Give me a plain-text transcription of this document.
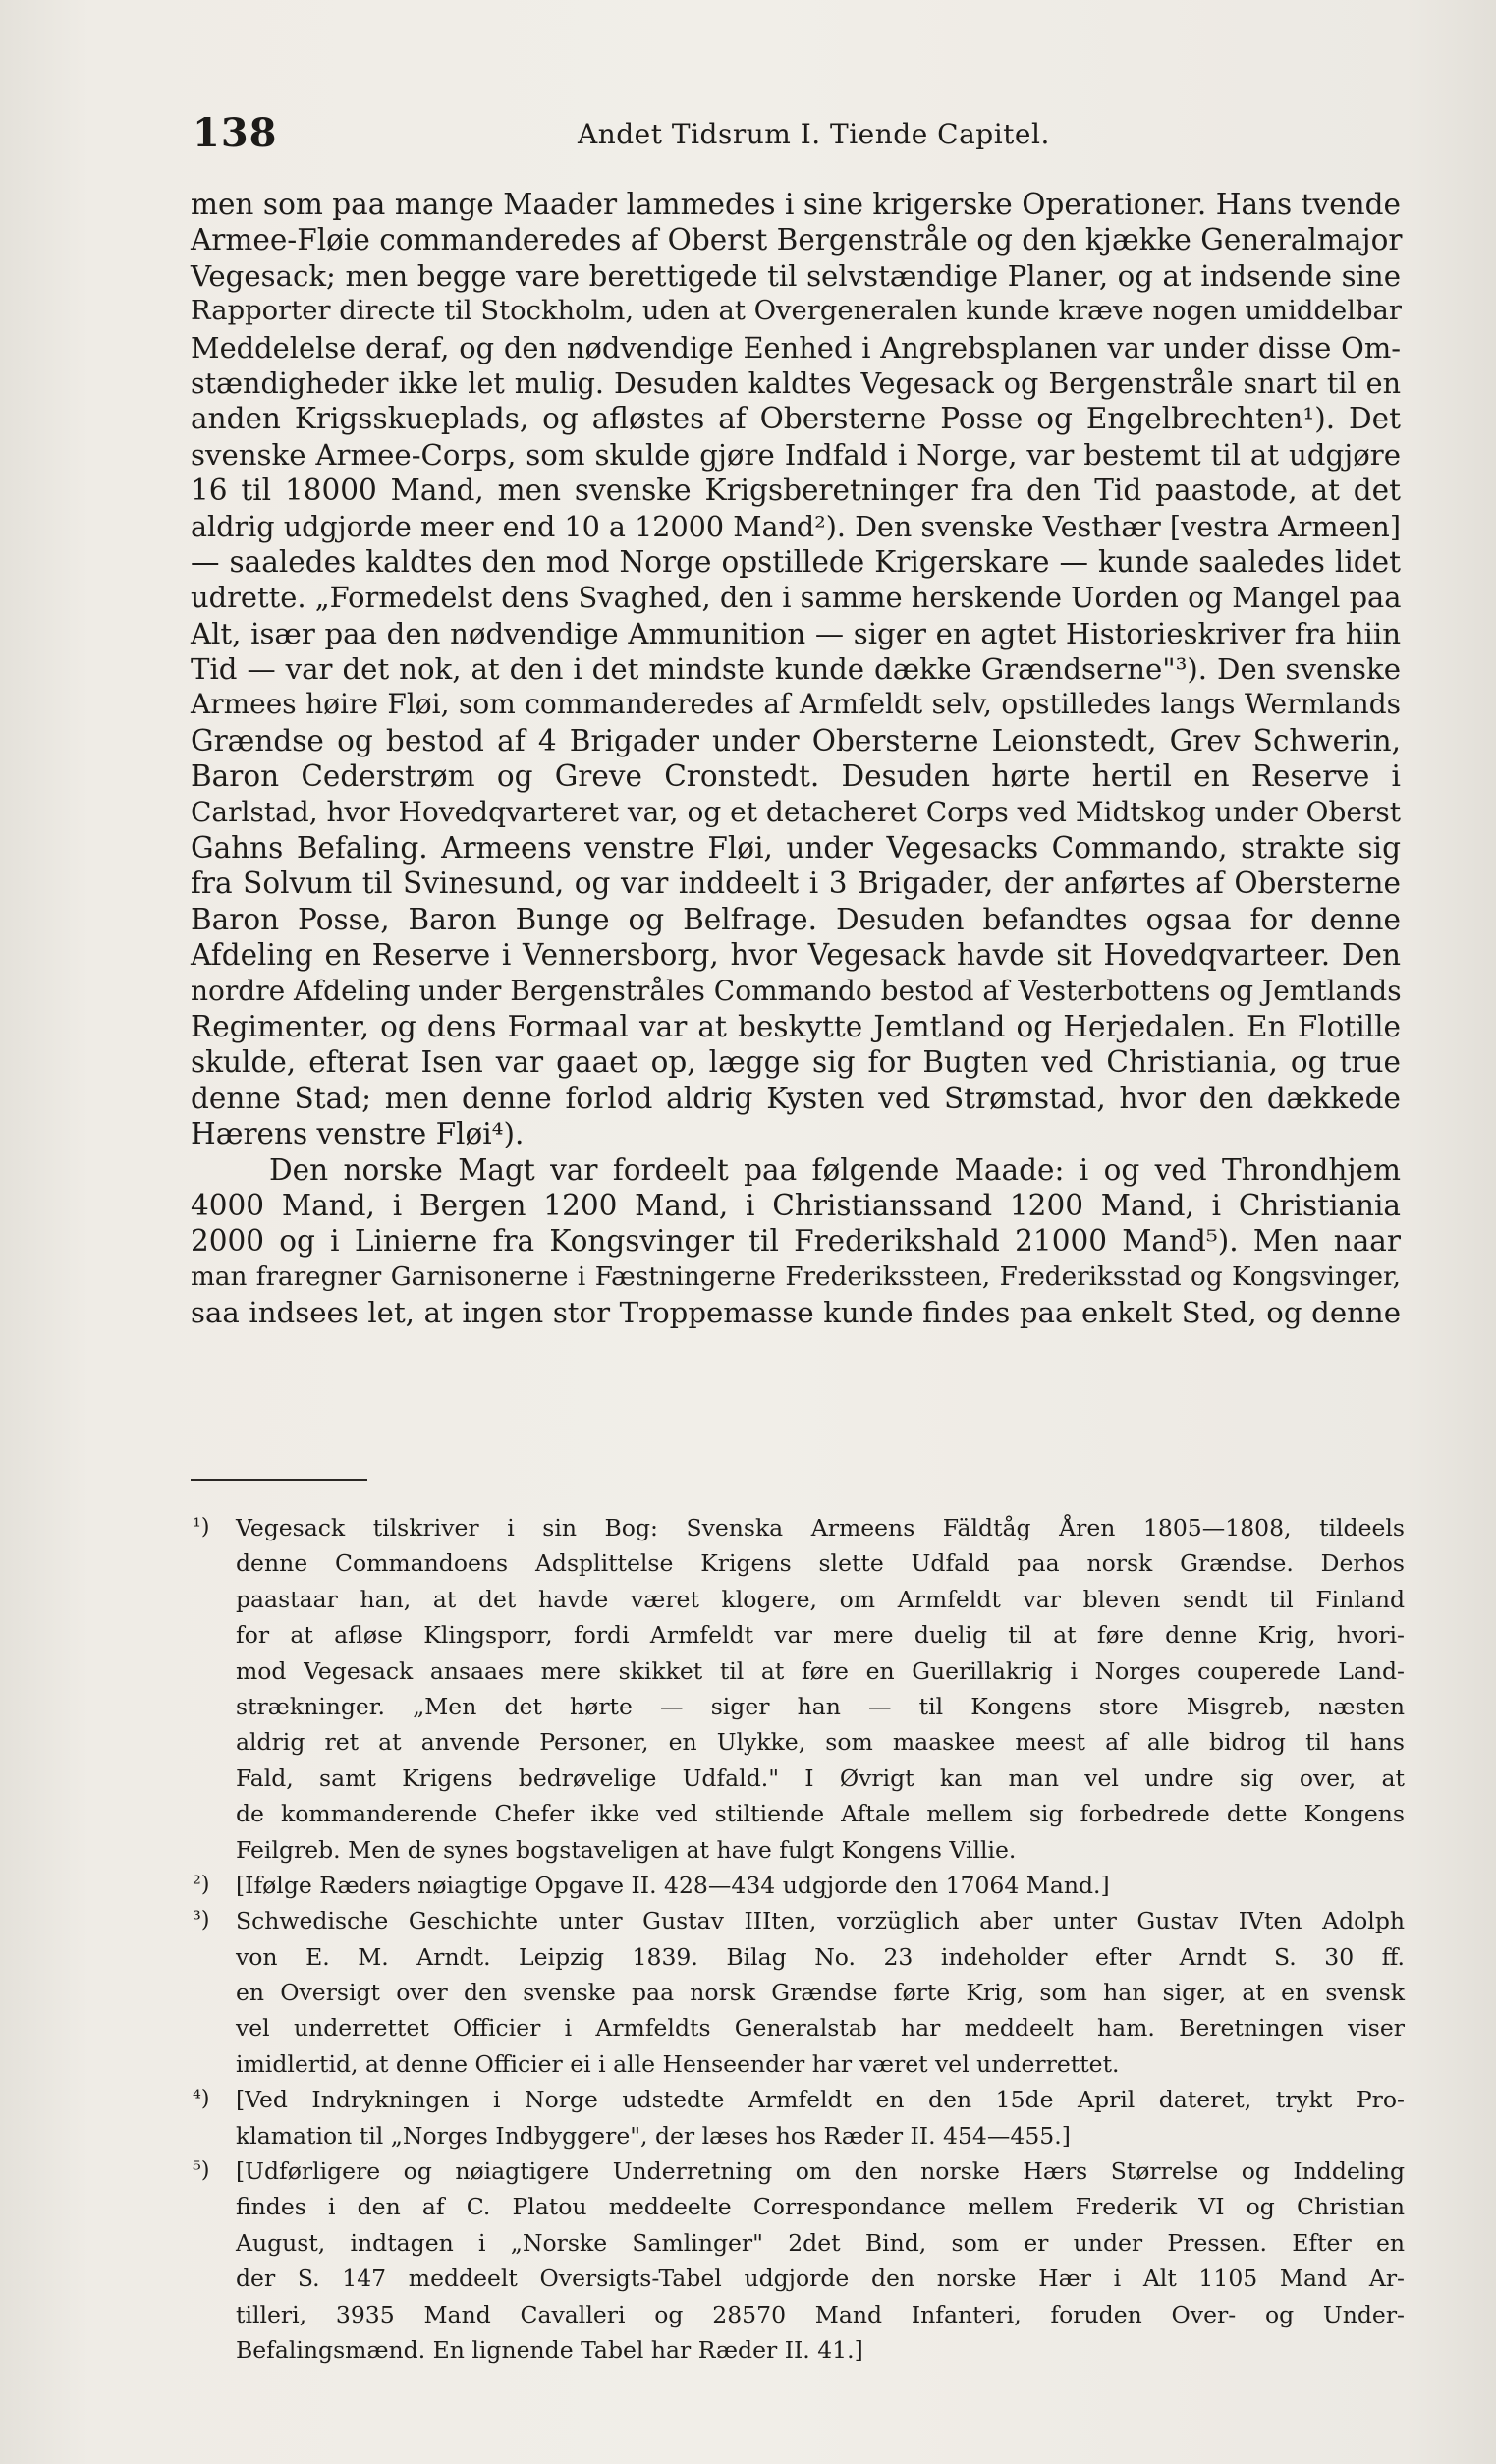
138	Andet Tidsrum I. Tiende Capitel.
men som paa mange Maader lammedes i sine krigerske Operationer. Hans tvende
Armee-Fløie commanderedes af Oberst Bergenstråle og den kjække Generalmajor
Vegesack; men begge vare berettigede til selvstændige Planer, og at indsende sine
Rapporter directe til Stockholm, uden at Overgeneralen kunde kræve nogen umiddelbar
Meddelelse deraf, og den nødvendige Eenhed i Angrebsplanen var under disse Om-
stændigheder ikke let mulig. Desuden kaldtes Vegesack og Bergenstråle snart til en
anden Krigsskueplads, og afløstes af Obersterne Posse og Engelbrechten¹). Det
svenske Armee-Corps, som skulde gjøre Indfald i Norge, var bestemt til at udgjøre
16 til 18000 Mand, men svenske Krigsberetninger fra den Tid paastode, at det
aldrig udgjorde meer end 10 a 12000 Mand²). Den svenske Vesthær [vestra Armeen]
— saaledes kaldtes den mod Norge opstillede Krigerskare — kunde saaledes lidet
udrette. „Formedelst dens Svaghed, den i samme herskende Uorden og Mangel paa
Alt, især paa den nødvendige Ammunition — siger en agtet Historieskriver fra hiin
Tid — var det nok, at den i det mindste kunde dække Grændserne"³). Den svenske
Armees høire Fløi, som commanderedes af Armfeldt selv, opstilledes langs Wermlands
Grændse og bestod af 4 Brigader under Obersterne Leionstedt, Grev Schwerin,
Baron Cederstrøm og Greve Cronstedt. Desuden hørte hertil en Reserve i
Carlstad, hvor Hovedqvarteret var, og et detacheret Corps ved Midtskog under Oberst
Gahns Befaling. Armeens venstre Fløi, under Vegesacks Commando, strakte sig
fra Solvum til Svinesund, og var inddeelt i 3 Brigader, der anførtes af Obersterne
Baron Posse, Baron Bunge og Belfrage. Desuden befandtes ogsaa for denne
Afdeling en Reserve i Vennersborg, hvor Vegesack havde sit Hovedqvarteer. Den
nordre Afdeling under Bergenstråles Commando bestod af Vesterbottens og Jemtlands
Regimenter, og dens Formaal var at beskytte Jemtland og Herjedalen. En Flotille
skulde, efterat Isen var gaaet op, lægge sig for Bugten ved Christiania, og true
denne Stad; men denne forlod aldrig Kysten ved Strømstad, hvor den dækkede
Hærens venstre Fløi⁴).
Den norske Magt var fordeelt paa følgende Maade: i og ved Throndhjem
4000 Mand, i Bergen 1200 Mand, i Christianssand 1200 Mand, i Christiania
2000 og i Linierne fra Kongsvinger til Frederikshald 21000 Mand⁵). Men naar
man fraregner Garnisonerne i Fæstningerne Frederikssteen, Frederiksstad og Kongsvinger,
saa indsees let, at ingen stor Troppemasse kunde findes paa enkelt Sted, og denne
¹) Vegesack tilskriver i sin Bog: Svenska Armeens Fäldtåg Åren 1805—1808, tildeels
denne Commandoens Adsplittelse Krigens slette Udfald paa norsk Grændse. Derhos
paastaar han, at det havde været klogere, om Armfeldt var bleven sendt til Finland
for at afløse Klingsporr, fordi Armfeldt var mere duelig til at føre denne Krig, hvori-
mod Vegesack ansaaes mere skikket til at føre en Guerillakrig i Norges couperede Land-
strækninger. „Men det hørte — siger han — til Kongens store Misgreb, næsten
aldrig ret at anvende Personer, en Ulykke, som maaskee meest af alle bidrog til hans
Fald, samt Krigens bedrøvelige Udfald." I Øvrigt kan man vel undre sig over, at
de kommanderende Chefer ikke ved stiltiende Aftale mellem sig forbedrede dette Kongens
Feilgreb. Men de synes bogstaveligen at have fulgt Kongens Villie.
²) [Ifølge Ræders nøiagtige Opgave II. 428—434 udgjorde den 17064 Mand.]
³) Schwedische Geschichte unter Gustav IIIten, vorzüglich aber unter Gustav IVten Adolph
von E. M. Arndt. Leipzig 1839. Bilag No. 23 indeholder efter Arndt S. 30 ff.
en Oversigt over den svenske paa norsk Grændse førte Krig, som han siger, at en svensk
vel underrettet Officier i Armfeldts Generalstab har meddeelt ham. Beretningen viser
imidlertid, at denne Officier ei i alle Henseender har været vel underrettet.
⁴) [Ved Indrykningen i Norge udstedte Armfeldt en den 15de April dateret, trykt Pro-
klamation til „Norges Indbyggere", der læses hos Ræder II. 454—455.]
⁵) [Udførligere og nøiagtigere Underretning om den norske Hærs Størrelse og Inddeling
findes i den af C. Platou meddeelte Correspondance mellem Frederik VI og Christian
August, indtagen i „Norske Samlinger" 2det Bind, som er under Pressen. Efter en
der S. 147 meddeelt Oversigts-Tabel udgjorde den norske Hær i Alt 1105 Mand Ar-
tilleri, 3935 Mand Cavalleri og 28570 Mand Infanteri, foruden Over- og Under-
Befalingsmænd. En lignende Tabel har Ræder II. 41.]
